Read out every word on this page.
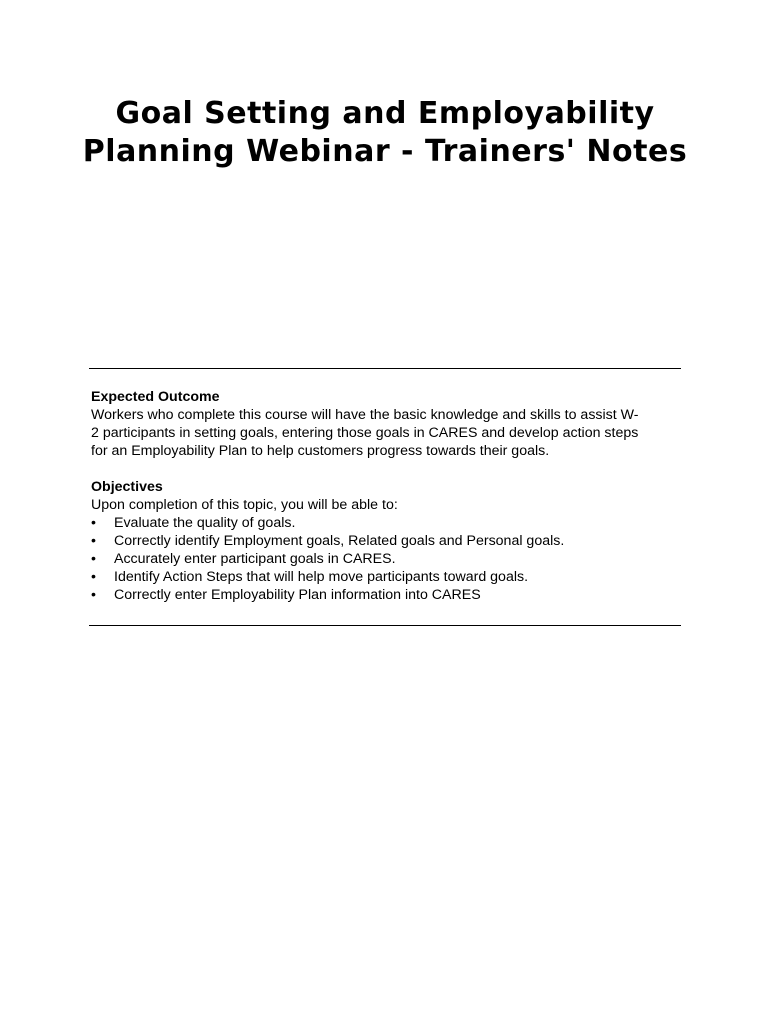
Goal Setting and Employability
Planning Webinar - Trainers' Notes
Expected Outcome
Workers who complete this course will have the basic knowledge and skills to assist W-
2 participants in setting goals, entering those goals in CARES and develop action steps
for an Employability Plan to help customers progress towards their goals.
Objectives
Upon completion of this topic, you will be able to:
•	Evaluate the quality of goals.
•	Correctly identify Employment goals, Related goals and Personal goals.
•	Accurately enter participant goals in CARES.
•	Identify Action Steps that will help move participants toward goals.
•	Correctly enter Employability Plan information into CARES
